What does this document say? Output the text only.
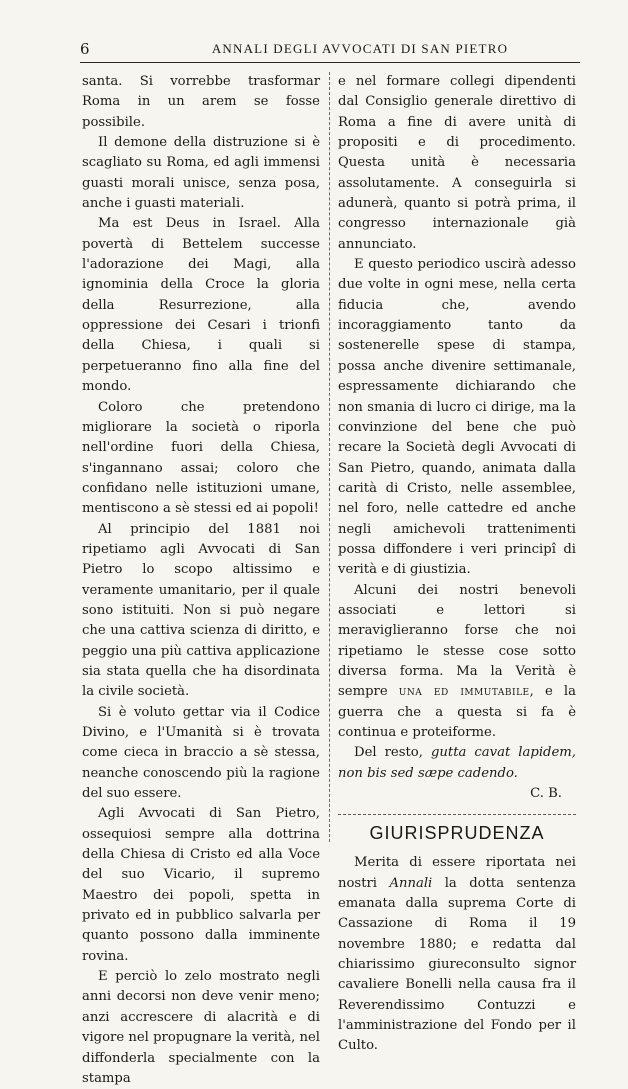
6	ANNALI DEGLI AVVOCATI DI SAN PIETRO

santa. Si vorrebbe trasformar Roma in un arem se fosse possibile.

Il demone della distruzione si è scagliato su Roma, ed agli immensi guasti morali unisce, senza posa, anche i guasti materiali.

Ma est Deus in Israel. Alla povertà di Bettelem successe l'adorazione dei Magi, alla ignominia della Croce la gloria della Resurrezione, alla oppressione dei Cesari i trionfi della Chiesa, i quali si perpetueranno fino alla fine del mondo.

Coloro che pretendono migliorare la società o riporla nell'ordine fuori della Chiesa, s'ingannano assai; coloro che confidano nelle istituzioni umane, mentiscono a sè stessi ed ai popoli!

Al principio del 1881 noi ripetiamo agli Avvocati di San Pietro lo scopo altissimo e veramente umanitario, per il quale sono istituiti. Non si può negare che una cattiva scienza di diritto, e peggio una più cattiva applicazione sia stata quella che ha disordinata la civile società.

Si è voluto gettar via il Codice Divino, e l'Umanità si è trovata come cieca in braccio a sè stessa, neanche conoscendo più la ragione del suo essere.

Agli Avvocati di San Pietro, ossequiosi sempre alla dottrina della Chiesa di Cristo ed alla Voce del suo Vicario, il supremo Maestro dei popoli, spetta in privato ed in pubblico salvarla per quanto possono dalla imminente rovina.

E perciò lo zelo mostrato negli anni decorsi non deve venir meno; anzi accrescere di alacrità e di vigore nel propugnare la verità, nel diffonderla specialmente con la stampa

e nel formare collegi dipendenti dal Consiglio generale direttivo di Roma a fine di avere unità di propositi e di procedimento. Questa unità è necessaria assolutamente. A conseguirla si adunerà, quanto si potrà prima, il congresso internazionale già annunciato.

E questo periodico uscirà adesso due volte in ogni mese, nella certa fiducia che, avendo incoraggiamento tanto da sostenerelle spese di stampa, possa anche divenire settimanale, espressamente dichiarando che non smania di lucro ci dirige, ma la convinzione del bene che può recare la Società degli Avvocati di San Pietro, quando, animata dalla carità di Cristo, nelle assemblee, nel foro, nelle cattedre ed anche negli amichevoli trattenimenti possa diffondere i veri principî di verità e di giustizia.

Alcuni dei nostri benevoli associati e lettori si meraviglieranno forse che noi ripetiamo le stesse cose sotto diversa forma. Ma la Verità è sempre una ed immutabile, e la guerra che a questa si fa è continua e proteiforme.

Del resto, gutta cavat lapidem, non bis sed sæpe cadendo.

C. B.

GIURISPRUDENZA

Merita di essere riportata nei nostri Annali la dotta sentenza emanata dalla suprema Corte di Cassazione di Roma il 19 novembre 1880; e redatta dal chiarissimo giureconsulto signor cavaliere Bonelli nella causa fra il Reverendissimo Contuzzi e l'amministrazione del Fondo per il Culto.
